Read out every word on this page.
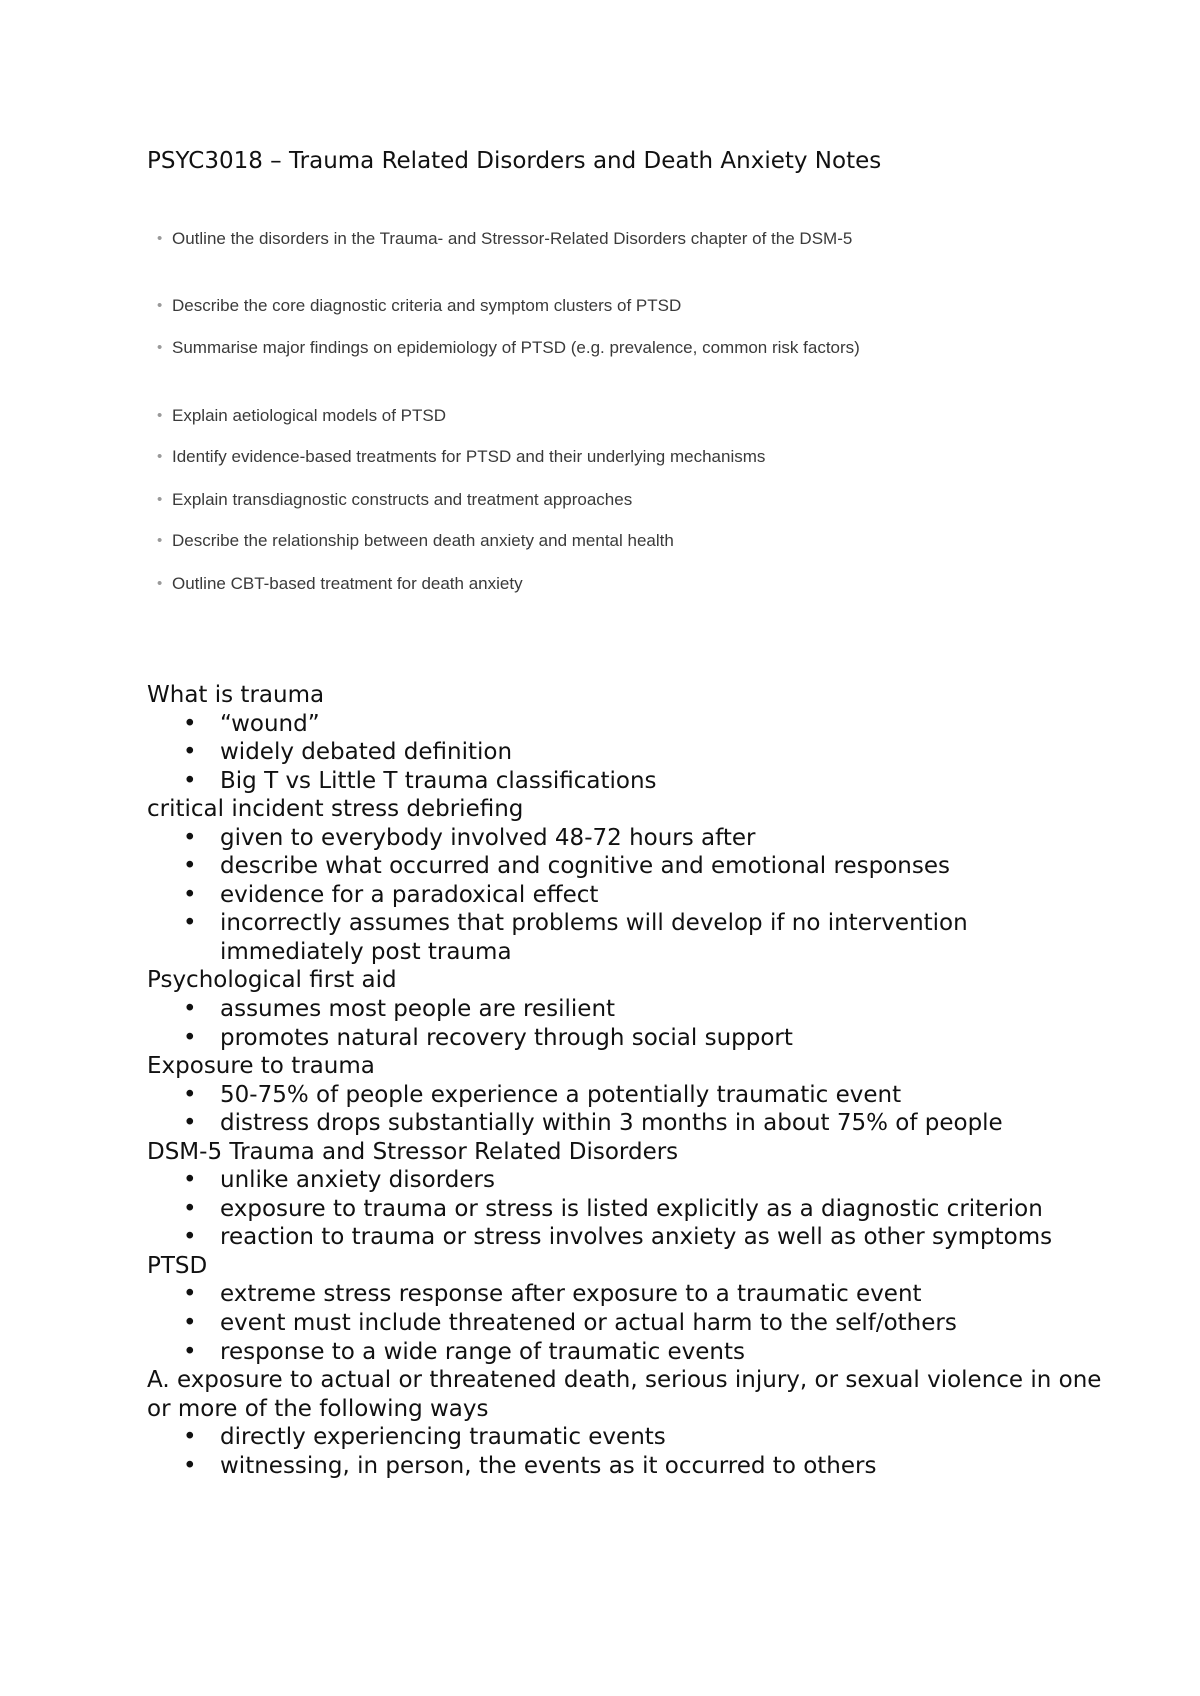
PSYC3018 – Trauma Related Disorders and Death Anxiety Notes
• Outline the disorders in the Trauma- and Stressor-Related Disorders chapter of the DSM-5
• Describe the core diagnostic criteria and symptom clusters of PTSD
• Summarise major findings on epidemiology of PTSD (e.g. prevalence, common risk factors)
• Explain aetiological models of PTSD
• Identify evidence-based treatments for PTSD and their underlying mechanisms
• Explain transdiagnostic constructs and treatment approaches
• Describe the relationship between death anxiety and mental health
• Outline CBT-based treatment for death anxiety

What is trauma

• “wound”
• widely debated definition
• Big T vs Little T trauma classifications

critical incident stress debriefing

• given to everybody involved 48-72 hours after
• describe what occurred and cognitive and emotional responses
• evidence for a paradoxical effect
• incorrectly assumes that problems will develop if no intervention immediately post trauma

Psychological first aid

• assumes most people are resilient
• promotes natural recovery through social support

Exposure to trauma

• 50-75% of people experience a potentially traumatic event
• distress drops substantially within 3 months in about 75% of people

DSM-5 Trauma and Stressor Related Disorders

• unlike anxiety disorders
• exposure to trauma or stress is listed explicitly as a diagnostic criterion
• reaction to trauma or stress involves anxiety as well as other symptoms

PTSD

• extreme stress response after exposure to a traumatic event
• event must include threatened or actual harm to the self/others
• response to a wide range of traumatic events

A. exposure to actual or threatened death, serious injury, or sexual violence in one or more of the following ways

• directly experiencing traumatic events
• witnessing, in person, the events as it occurred to others
